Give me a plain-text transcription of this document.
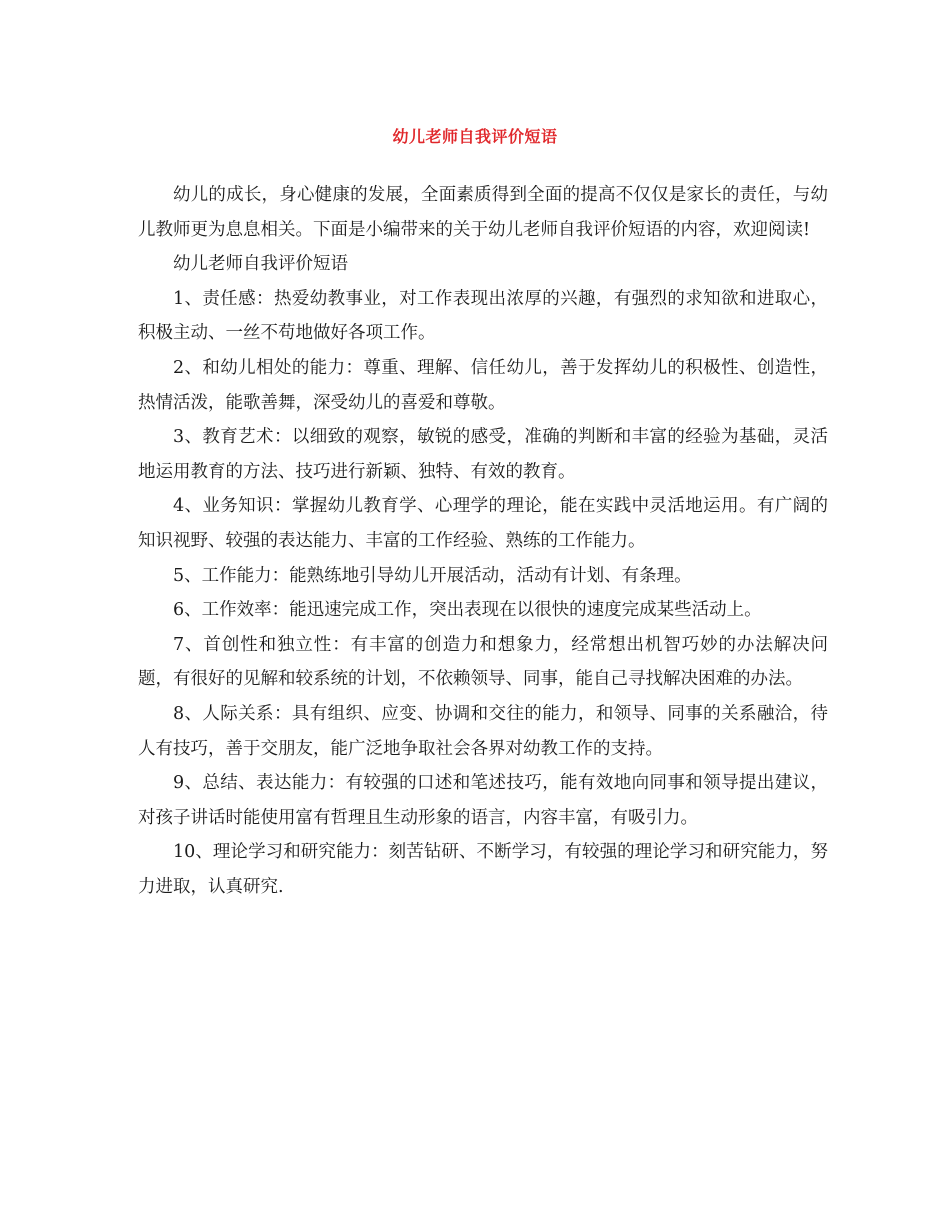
幼儿老师自我评价短语

幼儿的成长，身心健康的发展，全面素质得到全面的提高不仅仅是家长的责任，与幼儿教师更为息息相关。下面是小编带来的关于幼儿老师自我评价短语的内容，欢迎阅读!

幼儿老师自我评价短语

1、责任感：热爱幼教事业，对工作表现出浓厚的兴趣，有强烈的求知欲和进取心，积极主动、一丝不苟地做好各项工作。

2、和幼儿相处的能力：尊重、理解、信任幼儿，善于发挥幼儿的积极性、创造性，热情活泼，能歌善舞，深受幼儿的喜爱和尊敬。

3、教育艺术：以细致的观察，敏锐的感受，准确的判断和丰富的经验为基础，灵活地运用教育的方法、技巧进行新颖、独特、有效的教育。

4、业务知识：掌握幼儿教育学、心理学的理论，能在实践中灵活地运用。有广阔的知识视野、较强的表达能力、丰富的工作经验、熟练的工作能力。

5、工作能力：能熟练地引导幼儿开展活动，活动有计划、有条理。

6、工作效率：能迅速完成工作，突出表现在以很快的速度完成某些活动上。

7、首创性和独立性：有丰富的创造力和想象力，经常想出机智巧妙的办法解决问题，有很好的见解和较系统的计划，不依赖领导、同事，能自己寻找解决困难的办法。

8、人际关系：具有组织、应变、协调和交往的能力，和领导、同事的关系融洽，待人有技巧，善于交朋友，能广泛地争取社会各界对幼教工作的支持。

9、总结、表达能力：有较强的口述和笔述技巧，能有效地向同事和领导提出建议，对孩子讲话时能使用富有哲理且生动形象的语言，内容丰富，有吸引力。

10、理论学习和研究能力：刻苦钻研、不断学习，有较强的理论学习和研究能力，努力进取，认真研究.
